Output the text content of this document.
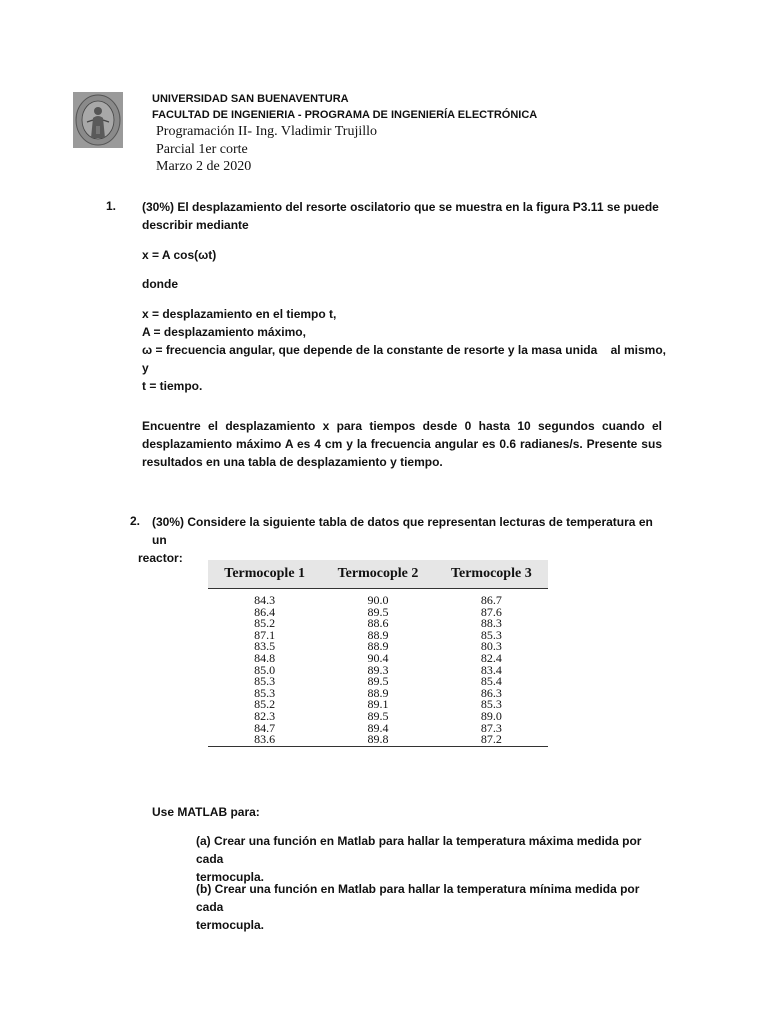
UNIVERSIDAD SAN BUENAVENTURA
FACULTAD DE INGENIERIA - PROGRAMA DE INGENIERÍA ELECTRÓNICA
Programación II- Ing. Vladimir Trujillo
Parcial 1er corte
Marzo 2 de 2020
1. (30%) El desplazamiento del resorte oscilatorio que se muestra en la figura P3.11 se puede
describir mediante
x = A cos(ωt)
donde
x = desplazamiento en el tiempo t,
A = desplazamiento máximo,
ω = frecuencia angular, que depende de la constante de resorte y la masa unida    al mismo,
y
t = tiempo.
Encuentre el desplazamiento x para tiempos desde 0 hasta 10 segundos cuando el
desplazamiento máximo A es 4 cm y la frecuencia angular es 0.6 radianes/s. Presente sus
resultados en una tabla de desplazamiento y tiempo.
2. (30%) Considere la siguiente tabla de datos que representan lecturas de temperatura en un
reactor:
Termocople 1	Termocople 2	Termocople 3
84.3	90.0	86.7
86.4	89.5	87.6
85.2	88.6	88.3
87.1	88.9	85.3
83.5	88.9	80.3
84.8	90.4	82.4
85.0	89.3	83.4
85.3	89.5	85.4
85.3	88.9	86.3
85.2	89.1	85.3
82.3	89.5	89.0
84.7	89.4	87.3
83.6	89.8	87.2
Use MATLAB para:
(a) Crear una función en Matlab para hallar la temperatura máxima medida por cada
termocupla.
(b) Crear una función en Matlab para hallar la temperatura mínima medida por cada
termocupla.
